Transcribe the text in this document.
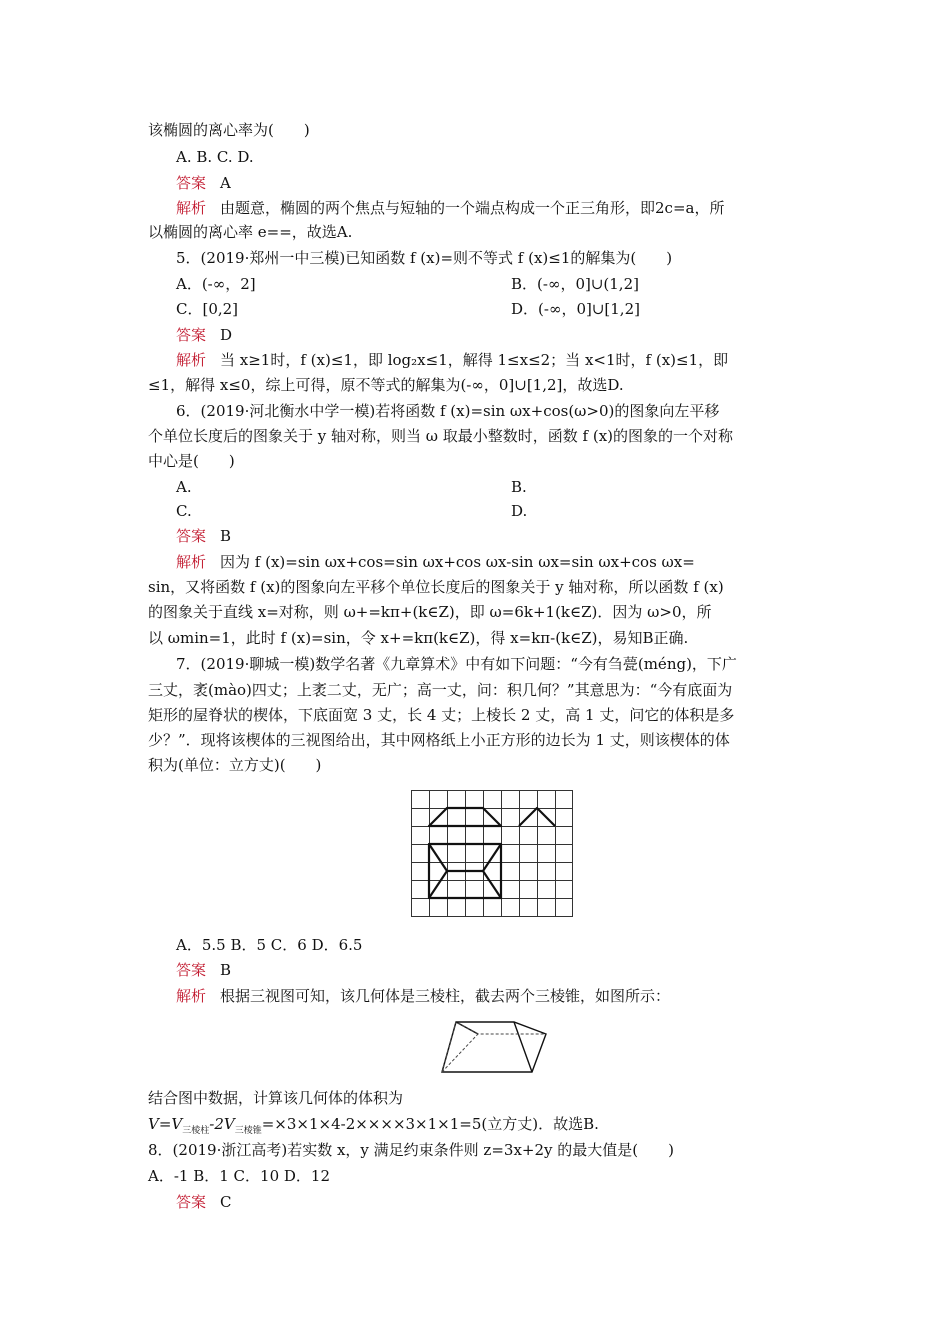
该椭圆的离心率为(　　)
A. B. C. D.
答案 A
解析 由题意，椭圆的两个焦点与短轴的一个端点构成一个正三角形，即2c=a，所
以椭圆的离心率 e==，故选A.
5．(2019·郑州一中三模)已知函数 f (x)=则不等式 f (x)≤1的解集为(　　)
A．(-∞，2]	B．(-∞，0]∪(1,2]
C．[0,2]	D．(-∞，0]∪[1,2]
答案 D
解析 当 x≥1时，f (x)≤1，即 log₂x≤1，解得 1≤x≤2；当 x<1时，f (x)≤1，即
≤1，解得 x≤0，综上可得，原不等式的解集为(-∞，0]∪[1,2]，故选D.
6．(2019·河北衡水中学一模)若将函数 f (x)=sin ωx+cos(ω>0)的图象向左平移
个单位长度后的图象关于 y 轴对称，则当 ω 取最小整数时，函数 f (x)的图象的一个对称
中心是(　　)
A.	B.
C.	D.
答案 B
解析 因为 f (x)=sin ωx+cos=sin ωx+cos ωx-sin ωx=sin ωx+cos ωx=
sin，又将函数 f (x)的图象向左平移个单位长度后的图象关于 y 轴对称，所以函数 f (x)
的图象关于直线 x=对称，则 ω+=kπ+(k∈Z)，即 ω=6k+1(k∈Z)．因为 ω>0，所
以 ωmin=1，此时 f (x)=sin，令 x+=kπ(k∈Z)，得 x=kπ-(k∈Z)，易知B正确.
7．(2019·聊城一模)数学名著《九章算术》中有如下问题：“今有刍甍(méng)，下广
三丈，袤(mào)四丈；上袤二丈，无广；高一丈，问：积几何？”其意思为：“今有底面为
矩形的屋脊状的楔体，下底面宽 3 丈，长 4 丈；上棱长 2 丈，高 1 丈，问它的体积是多
少？”．现将该楔体的三视图给出，其中网格纸上小正方形的边长为 1 丈，则该楔体的体
积为(单位：立方丈)(　　)
A．5.5 B．5 C．6 D．6.5
答案 B
解析 根据三视图可知，该几何体是三棱柱，截去两个三棱锥，如图所示：
结合图中数据，计算该几何体的体积为
$V=V_{三棱柱}-2V_{三棱锥}=\times 3\times 1\times 4-2\times\times\times\times 3\times 1\times 1=5$(立方丈)．故选B.
8．(2019·浙江高考)若实数 x，y 满足约束条件则 z=3x+2y 的最大值是(　　)
A．-1 B．1 C．10 D．12
答案 C
